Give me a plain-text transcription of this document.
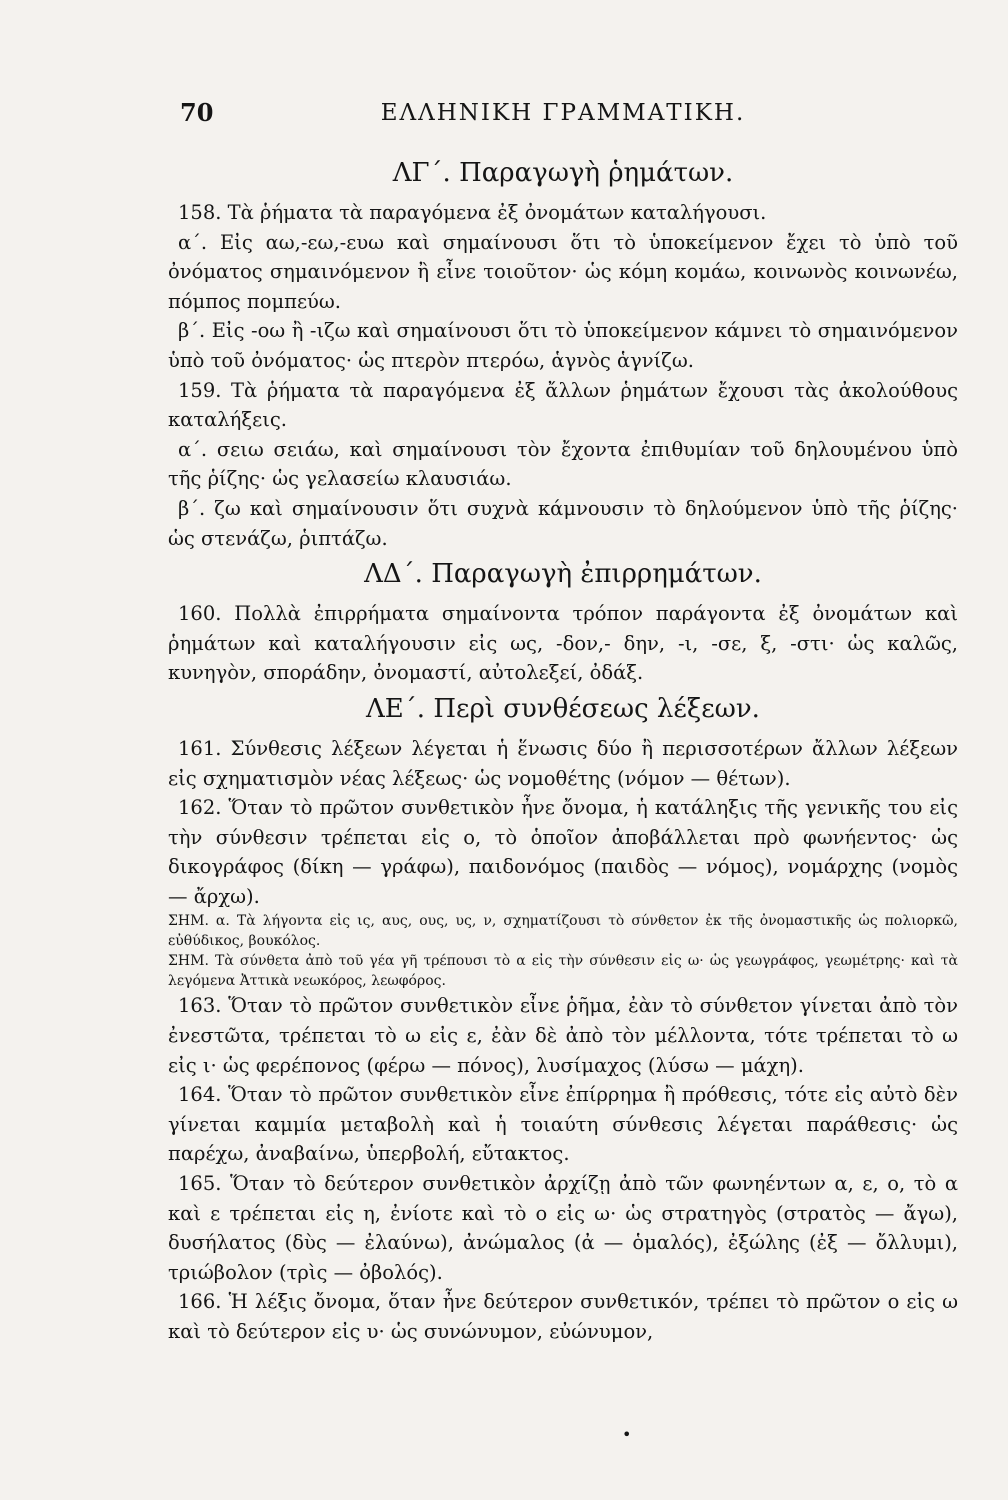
70	ΕΛΛΗΝΙΚΗ ΓΡΑΜΜΑΤΙΚΗ.
ΛΓ΄. Παραγωγὴ ῥημάτων.

158. Τὰ ῥήματα τὰ παραγόμενα ἐξ ὀνομάτων καταλήγουσι.

α΄. Εἰς αω,-εω,-ευω καὶ σημαίνουσι ὅτι τὸ ὑποκείμενον ἔχει τὸ ὑπὸ τοῦ ὀνόματος σημαινόμενον ἢ εἶνε τοιοῦτον· ὡς κόμη κομάω, κοινωνὸς κοινωνέω, πόμπος πομπεύω.

β΄. Εἰς -οω ἢ -ιζω καὶ σημαίνουσι ὅτι τὸ ὑποκείμενον κάμνει τὸ σημαινόμενον ὑπὸ τοῦ ὀνόματος· ὡς πτερὸν πτερόω, ἁγνὸς ἁγνίζω.

159. Τὰ ῥήματα τὰ παραγόμενα ἐξ ἄλλων ῥημάτων ἔχουσι τὰς ἀκολούθους καταλήξεις.

α΄. σειω σειάω, καὶ σημαίνουσι τὸν ἔχοντα ἐπιθυμίαν τοῦ δηλουμένου ὑπὸ τῆς ῥίζης· ὡς γελασείω κλαυσιάω.

β΄. ζω καὶ σημαίνουσιν ὅτι συχνὰ κάμνουσιν τὸ δηλούμενον ὑπὸ τῆς ῥίζης· ὡς στενάζω, ῥιπτάζω.

ΛΔ΄. Παραγωγὴ ἐπιρρημάτων.

160. Πολλὰ ἐπιρρήματα σημαίνοντα τρόπον παράγοντα ἐξ ὀνομάτων καὶ ῥημάτων καὶ καταλήγουσιν εἰς ως, -δον,- δην, -ι, -σε, ξ, -στι· ὡς καλῶς, κυνηγὸν, σποράδην, ὀνομαστί, αὐτολεξεί, ὀδάξ.

ΛΕ΄. Περὶ συνθέσεως λέξεων.

161. Σύνθεσις λέξεων λέγεται ἡ ἕνωσις δύο ἢ περισσοτέρων ἄλλων λέξεων εἰς σχηματισμὸν νέας λέξεως· ὡς νομοθέτης (νόμον — θέτων).

162. Ὅταν τὸ πρῶτον συνθετικὸν ἦνε ὄνομα, ἡ κατάληξις τῆς γενικῆς του εἰς τὴν σύνθεσιν τρέπεται εἰς ο, τὸ ὁποῖον ἀποβάλλεται πρὸ φωνήεντος· ὡς δικογράφος (δίκη — γράφω), παιδονόμος (παιδὸς — νόμος), νομάρχης (νομὸς — ἄρχω).

ΣΗΜ. α. Τὰ λήγοντα εἰς ις, αυς, ους, υς, ν, σχηματίζουσι τὸ σύνθετον ἐκ τῆς ὀνομαστικῆς ὡς πολιορκῶ, εὐθύδικος, βουκόλος.

ΣΗΜ. Τὰ σύνθετα ἀπὸ τοῦ γέα γῆ τρέπουσι τὸ α εἰς τὴν σύνθεσιν εἰς ω· ὡς γεωγράφος, γεωμέτρης· καὶ τὰ λεγόμενα Ἀττικὰ νεωκόρος, λεωφόρος.

163. Ὅταν τὸ πρῶτον συνθετικὸν εἶνε ῥῆμα, ἐὰν τὸ σύνθετον γίνεται ἀπὸ τὸν ἐνεστῶτα, τρέπεται τὸ ω εἰς ε, ἐὰν δὲ ἀπὸ τὸν μέλλοντα, τότε τρέπεται τὸ ω εἰς ι· ὡς φερέπονος (φέρω — πόνος), λυσίμαχος (λύσω — μάχη).

164. Ὅταν τὸ πρῶτον συνθετικὸν εἶνε ἐπίρρημα ἢ πρόθεσις, τότε εἰς αὐτὸ δὲν γίνεται καμμία μεταβολὴ καὶ ἡ τοιαύτη σύνθεσις λέγεται παράθεσις· ὡς παρέχω, ἀναβαίνω, ὑπερβολή, εὔτακτος.

165. Ὅταν τὸ δεύτερον συνθετικὸν ἀρχίζῃ ἀπὸ τῶν φωνηέντων α, ε, ο, τὸ α καὶ ε τρέπεται εἰς η, ἐνίοτε καὶ τὸ ο εἰς ω· ὡς στρατηγὸς (στρατὸς — ἄγω), δυσήλατος (δὺς — ἐλαύνω), ἀνώμαλος (ἀ — ὁμαλός), ἐξώλης (ἐξ — ὄλλυμι), τριώβολον (τρὶς — ὀβολός).

166. Ἡ λέξις ὄνομα, ὅταν ἦνε δεύτερον συνθετικόν, τρέπει τὸ πρῶτον ο εἰς ω καὶ τὸ δεύτερον εἰς υ· ὡς συνώνυμον, εὐώνυμον,

•
